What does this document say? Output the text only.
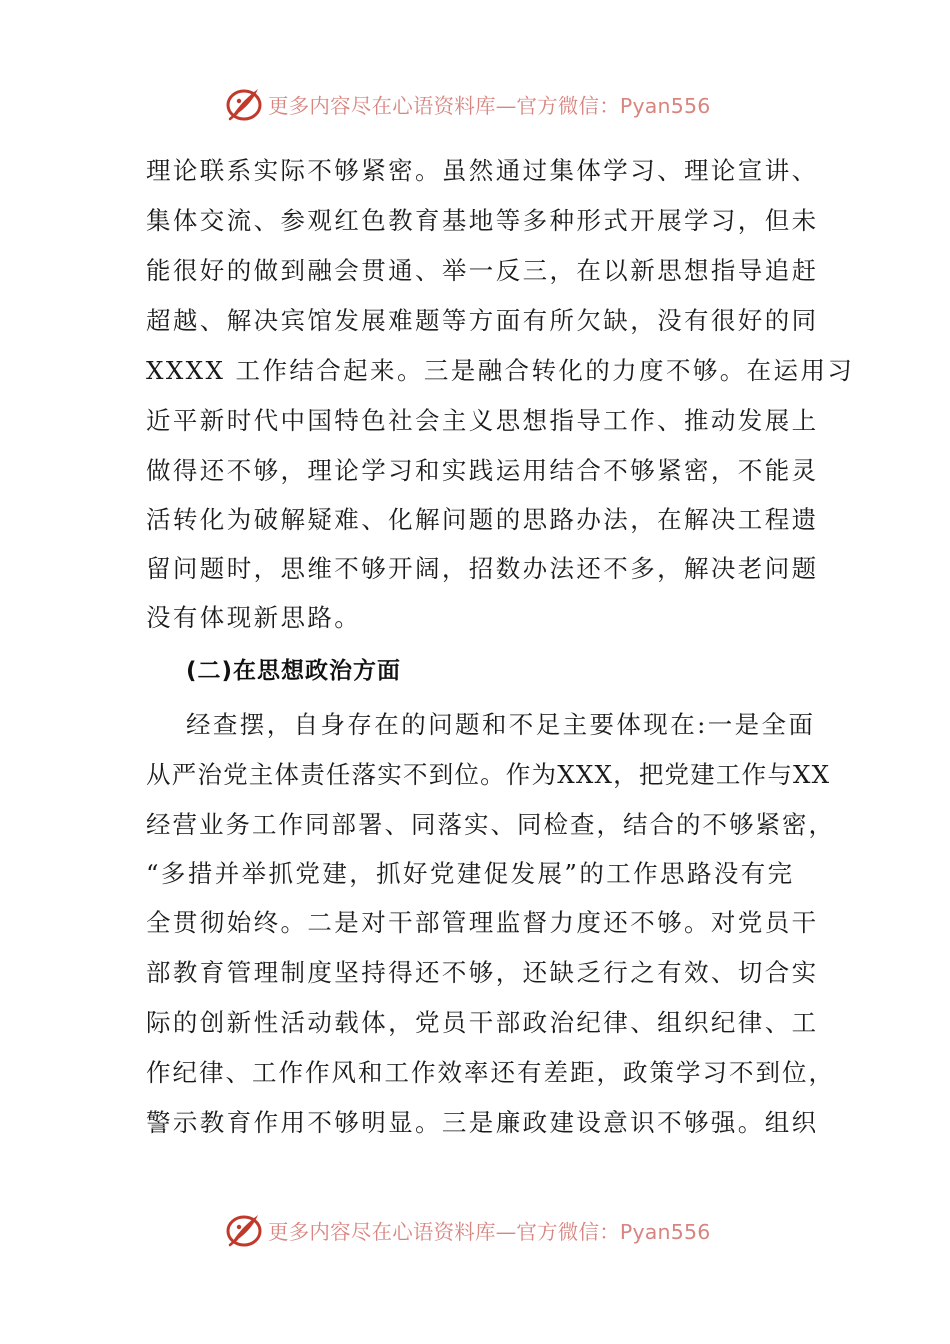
更多内容尽在心语资料库—官方微信：Pyan556
理论联系实际不够紧密。虽然通过集体学习、理论宣讲、
集体交流、参观红色教育基地等多种形式开展学习，但未
能很好的做到融会贯通、举一反三，在以新思想指导追赶
超越、解决宾馆发展难题等方面有所欠缺，没有很好的同
XXXX 工作结合起来。三是融合转化的力度不够。在运用习
近平新时代中国特色社会主义思想指导工作、推动发展上
做得还不够，理论学习和实践运用结合不够紧密，不能灵
活转化为破解疑难、化解问题的思路办法，在解决工程遗
留问题时，思维不够开阔，招数办法还不多，解决老问题
没有体现新思路。
(二)在思想政治方面
经查摆，自身存在的问题和不足主要体现在:一是全面
从严治党主体责任落实不到位。作为XXX，把党建工作与XX
经营业务工作同部署、同落实、同检查，结合的不够紧密，
“多措并举抓党建，抓好党建促发展”的工作思路没有完
全贯彻始终。二是对干部管理监督力度还不够。对党员干
部教育管理制度坚持得还不够，还缺乏行之有效、切合实
际的创新性活动载体，党员干部政治纪律、组织纪律、工
作纪律、工作作风和工作效率还有差距，政策学习不到位，
警示教育作用不够明显。三是廉政建设意识不够强。组织
更多内容尽在心语资料库—官方微信：Pyan556
